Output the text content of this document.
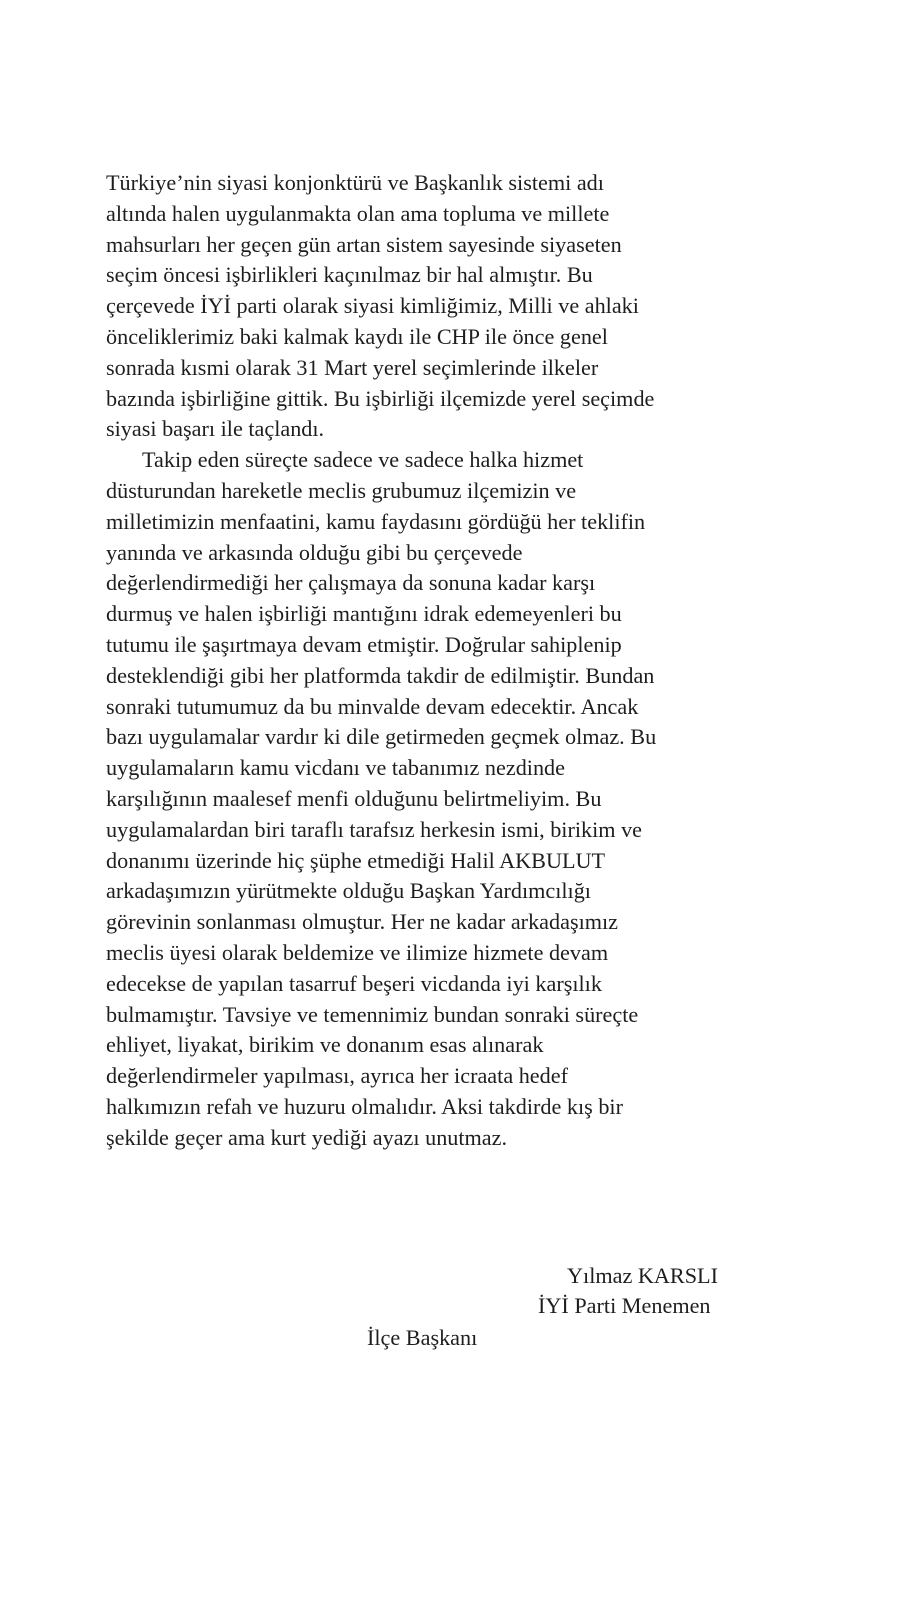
Türkiye’nin siyasi konjonktürü ve Başkanlık sistemi adı
altında halen uygulanmakta olan ama topluma ve millete
mahsurları her geçen gün artan sistem sayesinde siyaseten
seçim öncesi işbirlikleri kaçınılmaz bir hal almıştır. Bu
çerçevede İYİ parti olarak siyasi kimliğimiz, Milli ve ahlaki
önceliklerimiz baki kalmak kaydı ile CHP ile önce genel
sonrada kısmi olarak 31 Mart yerel seçimlerinde ilkeler
bazında işbirliğine gittik. Bu işbirliği ilçemizde yerel seçimde
siyasi başarı ile taçlandı.
Takip eden süreçte sadece ve sadece halka hizmet
düsturundan hareketle meclis grubumuz ilçemizin ve
milletimizin menfaatini, kamu faydasını gördüğü her teklifin
yanında ve arkasında olduğu gibi bu çerçevede
değerlendirmediği her çalışmaya da sonuna kadar karşı
durmuş ve halen işbirliği mantığını idrak edemeyenleri bu
tutumu ile şaşırtmaya devam etmiştir. Doğrular sahiplenip
desteklendiği gibi her platformda takdir de edilmiştir. Bundan
sonraki tutumumuz da bu minvalde devam edecektir. Ancak
bazı uygulamalar vardır ki dile getirmeden geçmek olmaz. Bu
uygulamaların kamu vicdanı ve tabanımız nezdinde
karşılığının maalesef menfi olduğunu belirtmeliyim. Bu
uygulamalardan biri taraflı tarafsız herkesin ismi, birikim ve
donanımı üzerinde hiç şüphe etmediği Halil AKBULUT
arkadaşımızın yürütmekte olduğu Başkan Yardımcılığı
görevinin sonlanması olmuştur. Her ne kadar arkadaşımız
meclis üyesi olarak beldemize ve ilimize hizmete devam
edecekse de yapılan tasarruf beşeri vicdanda iyi karşılık
bulmamıştır. Tavsiye ve temennimiz bundan sonraki süreçte
ehliyet, liyakat, birikim ve donanım esas alınarak
değerlendirmeler yapılması, ayrıca her icraata hedef
halkımızın refah ve huzuru olmalıdır. Aksi takdirde kış bir
şekilde geçer ama kurt yediği ayazı unutmaz.
Yılmaz KARSLI
İYİ Parti Menemen
İlçe Başkanı
